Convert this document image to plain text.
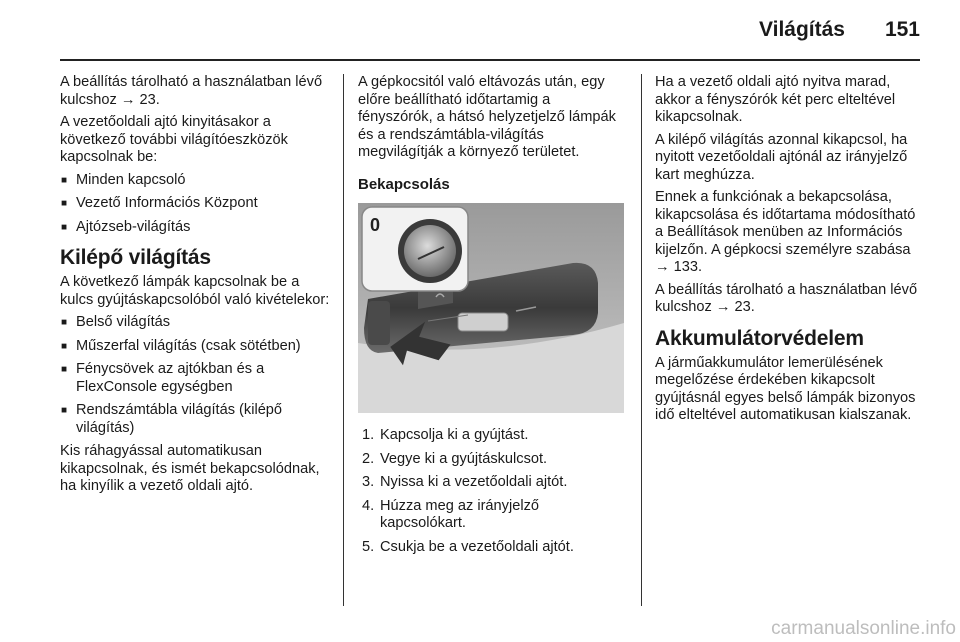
Világítás 151

A beállítás tárolható a használatban lévő kulcshoz → 23.

A vezetőoldali ajtó kinyitásakor a következő további világítóeszközök kapcsolnak be:

■ Minden kapcsoló
■ Vezető Információs Központ
■ Ajtózseb-világítás
Kilépő világítás

A következő lámpák kapcsolnak be a kulcs gyújtáskapcsolóból való kivételekor:

■ Belső világítás
■ Műszerfal világítás (csak sötétben)
■ Fénycsövek az ajtókban és a FlexConsole egységben
■ Rendszámtábla világítás (kilépő világítás)

Kis ráhagyással automatikusan kikapcsolnak, és ismét bekapcsolódnak, ha kinyílik a vezető oldali ajtó.

A gépkocsitól való eltávozás után, egy előre beállítható időtartamig a fényszórók, a hátsó helyzetjelző lámpák és a rendszámtábla-világítás megvilágítják a környező területet.

Bekapcsolás
0
1. Kapcsolja ki a gyújtást.
2. Vegye ki a gyújtáskulcsot.
3. Nyissa ki a vezetőoldali ajtót.
4. Húzza meg az irányjelző kapcsolókart.
5. Csukja be a vezetőoldali ajtót.

Ha a vezető oldali ajtó nyitva marad, akkor a fényszórók két perc elteltével kikapcsolnak.

A kilépő világítás azonnal kikapcsol, ha nyitott vezetőoldali ajtónál az irányjelző kart meghúzza.

Ennek a funkciónak a bekapcsolása, kikapcsolása és időtartama módosítható a Beállítások menüben az Információs kijelzőn. A gépkocsi személyre szabása → 133.

A beállítás tárolható a használatban lévő kulcshoz → 23.

Akkumulátorvédelem

A járműakkumulátor lemerülésének megelőzése érdekében kikapcsolt gyújtásnál egyes belső lámpák bizonyos idő elteltével automatikusan kialszanak.

carmanualsonline.info
